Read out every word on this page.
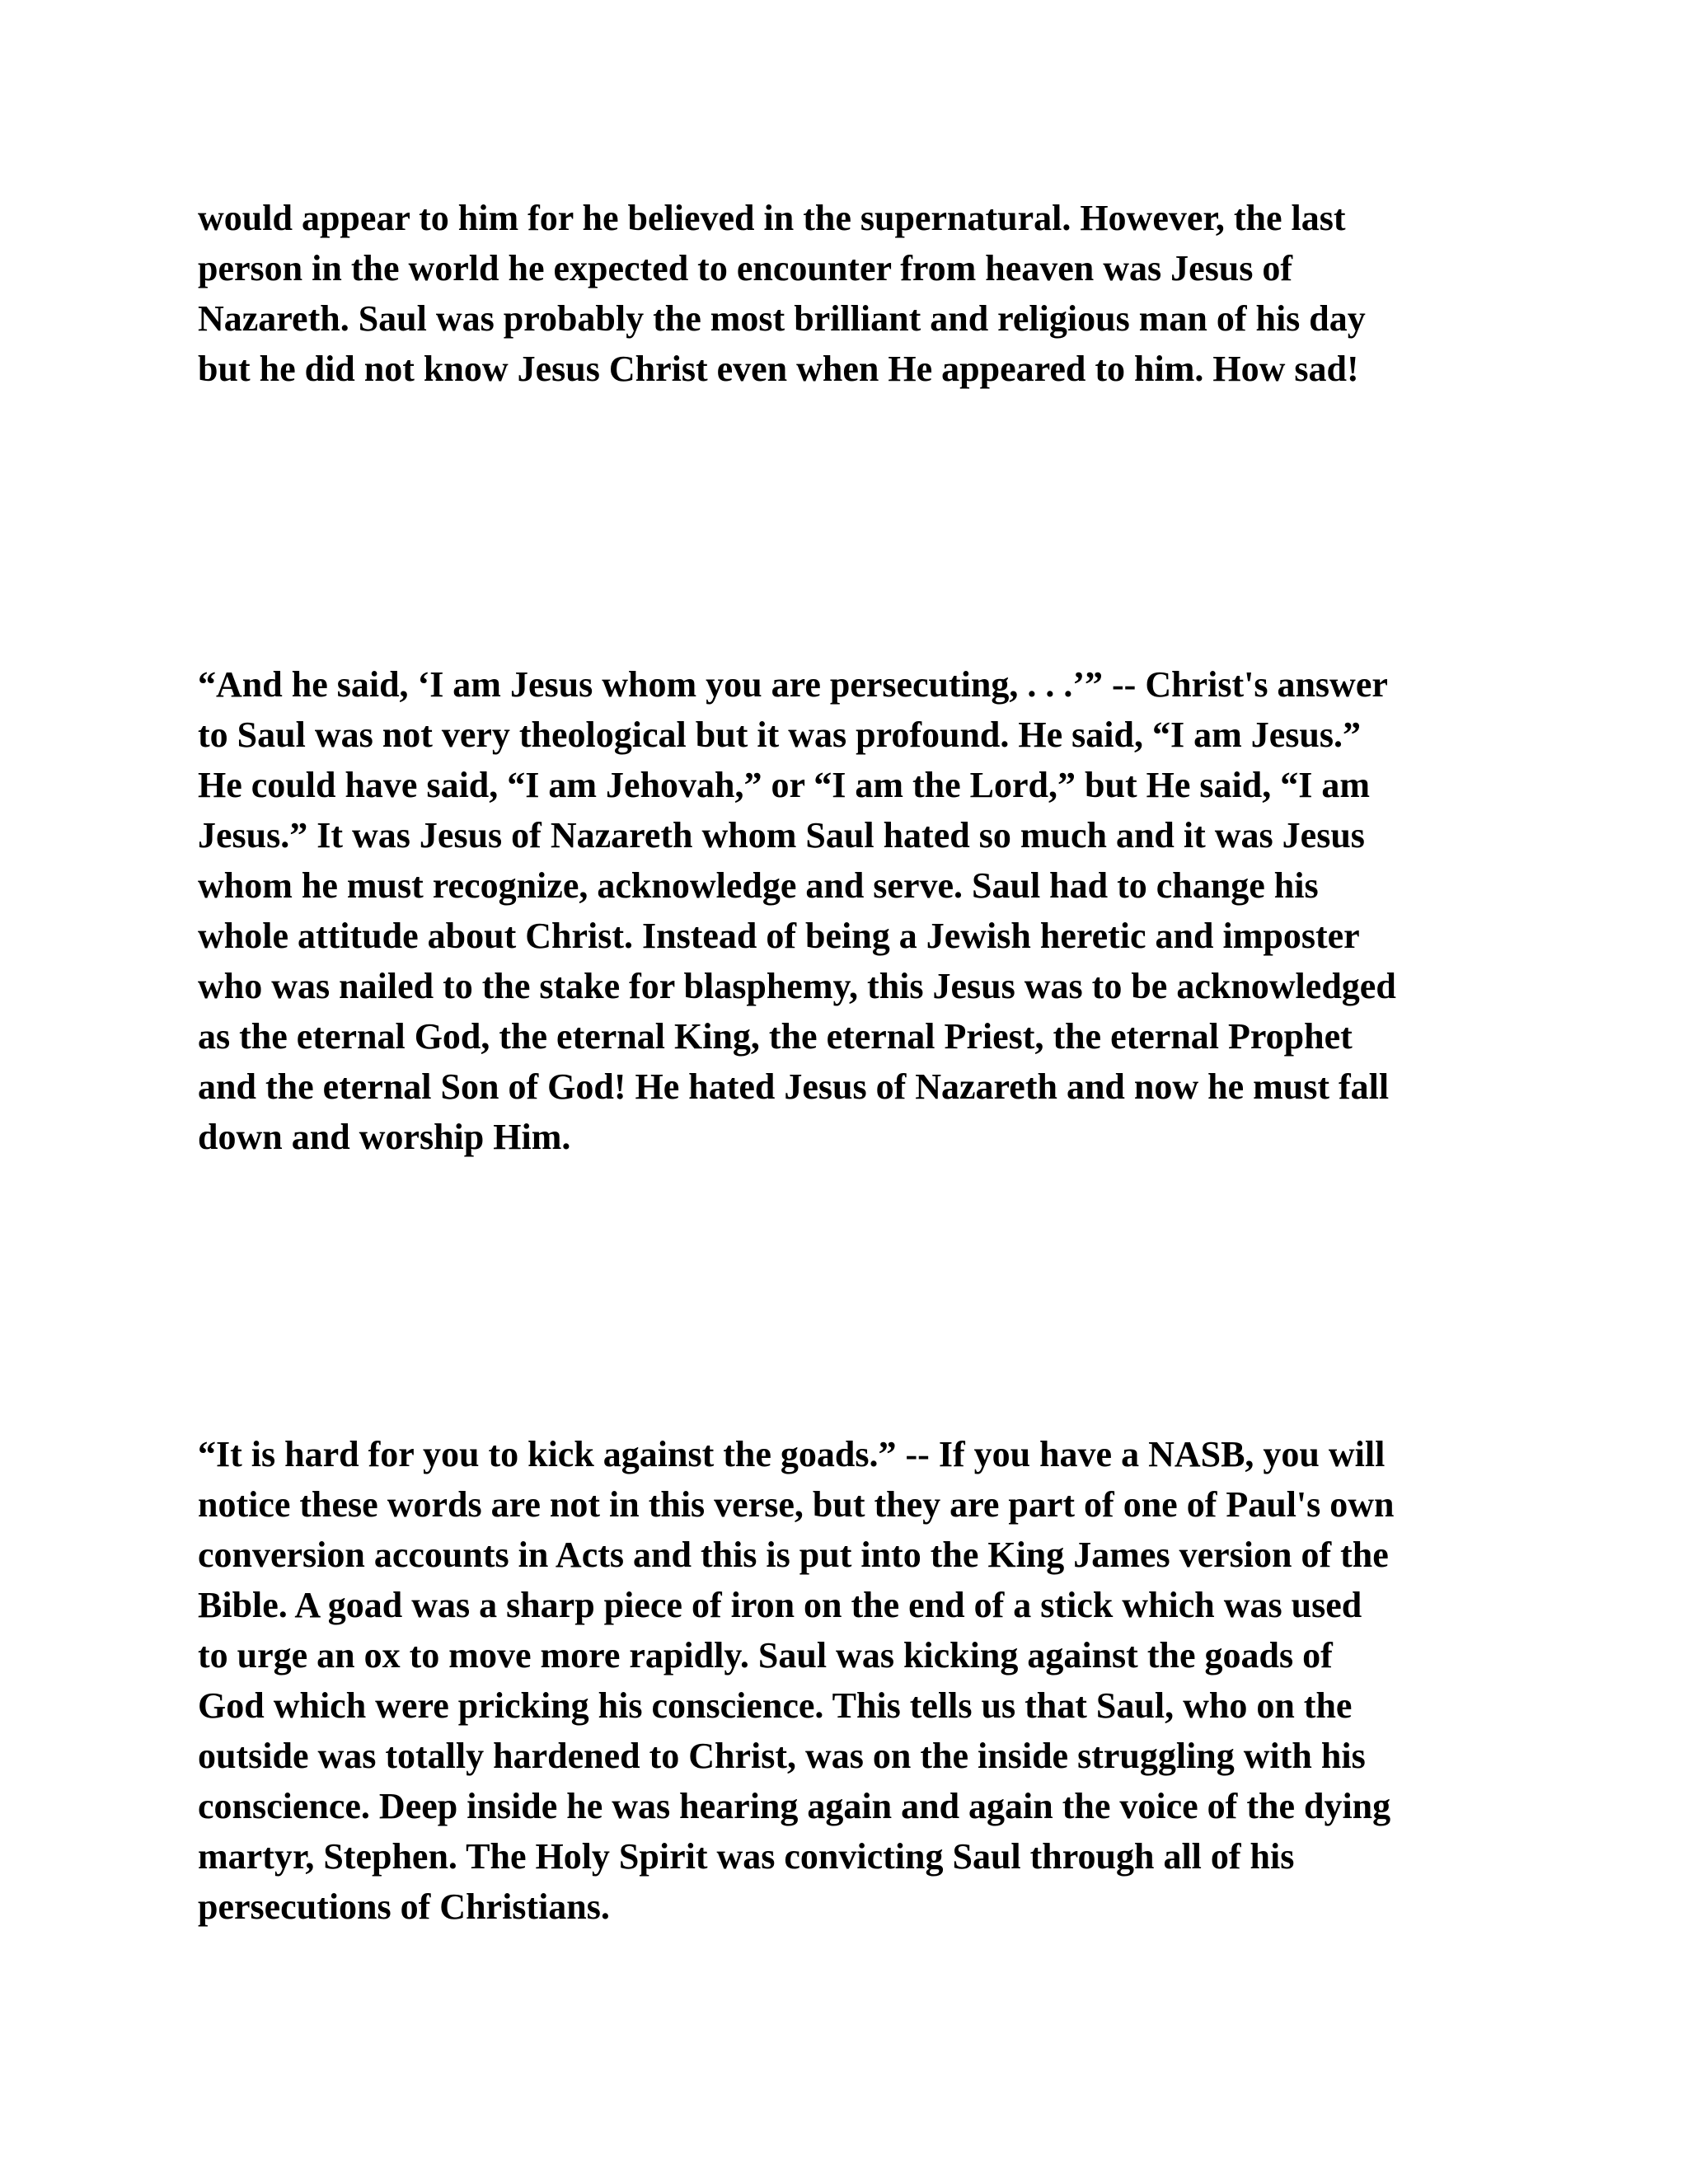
would appear to him for he believed in the supernatural. However, the last
person in the world he expected to encounter from heaven was Jesus of
Nazareth. Saul was probably the most brilliant and religious man of his day
but he did not know Jesus Christ even when He appeared to him. How sad!
“And he said, ‘I am Jesus whom you are persecuting, . . .’” -- Christ's answer
to Saul was not very theological but it was profound. He said, “I am Jesus.”
He could have said, “I am Jehovah,” or “I am the Lord,” but He said, “I am
Jesus.” It was Jesus of Nazareth whom Saul hated so much and it was Jesus
whom he must recognize, acknowledge and serve. Saul had to change his
whole attitude about Christ. Instead of being a Jewish heretic and imposter
who was nailed to the stake for blasphemy, this Jesus was to be acknowledged
as the eternal God, the eternal King, the eternal Priest, the eternal Prophet
and the eternal Son of God! He hated Jesus of Nazareth and now he must fall
down and worship Him.
“It is hard for you to kick against the goads.” -- If you have a NASB, you will
notice these words are not in this verse, but they are part of one of Paul's own
conversion accounts in Acts and this is put into the King James version of the
Bible. A goad was a sharp piece of iron on the end of a stick which was used
to urge an ox to move more rapidly. Saul was kicking against the goads of
God which were pricking his conscience. This tells us that Saul, who on the
outside was totally hardened to Christ, was on the inside struggling with his
conscience. Deep inside he was hearing again and again the voice of the dying
martyr, Stephen. The Holy Spirit was convicting Saul through all of his
persecutions of Christians.
